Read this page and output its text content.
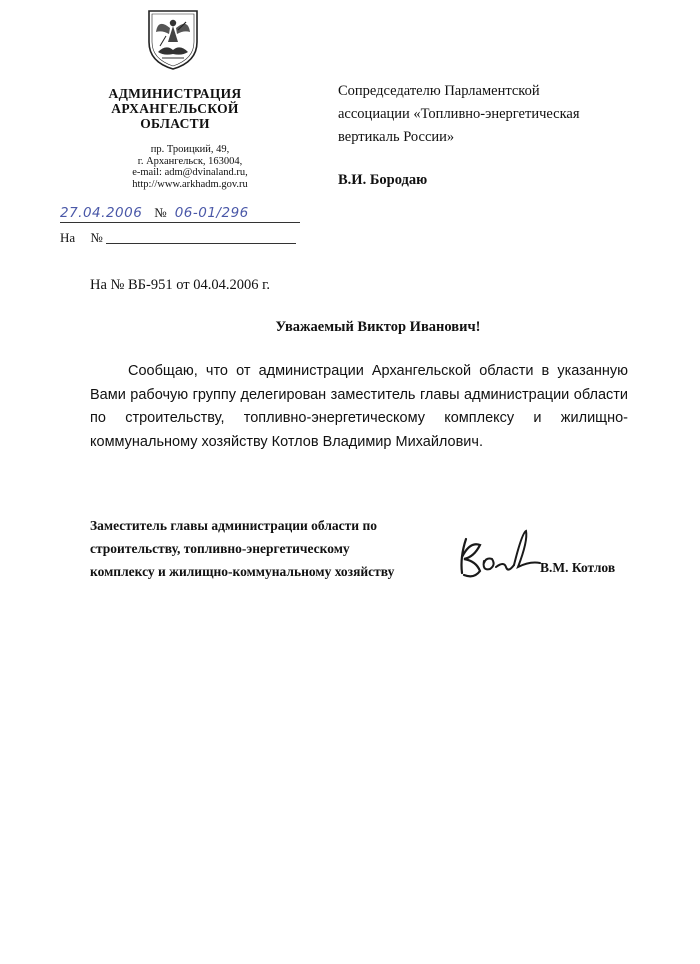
АДМИНИСТРАЦИЯ
АРХАНГЕЛЬСКОЙ
ОБЛАСТИ
пр. Троицкий, 49,
г. Архангельск, 163004,
e-mail: adm@dvinaland.ru,
http://www.arkhadm.gov.ru
27.04.2006 № 06-01/296
На №
Сопредседателю Парламентской
ассоциации «Топливно-энергетическая
вертикаль России»
В.И. Бородаю
На № ВБ-951 от 04.04.2006 г.
Уважаемый Виктор Иванович!
Сообщаю, что от администрации Архангельской области в указанную Вами рабочую группу делегирован заместитель главы администрации области по строительству, топливно-энергетическому комплексу и жилищно-коммунальному хозяйству Котлов Владимир Михайлович.
Заместитель главы администрации области по
строительству, топливно-энергетическому
комплексу и жилищно-коммунальному хозяйству	В.М. Котлов
